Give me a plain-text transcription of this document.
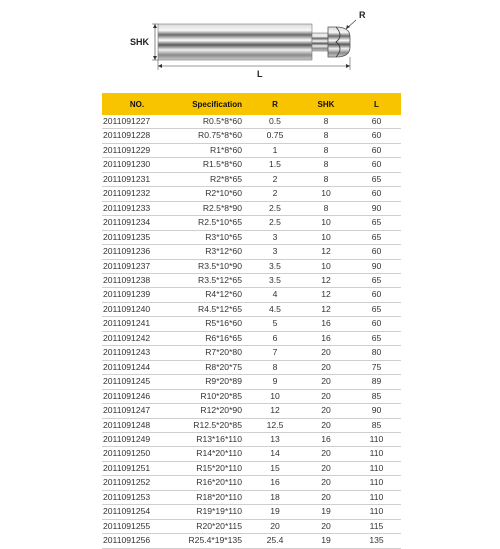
SHK
R
L
NO.	Specification	R	SHK	L
2011091227	R0.5*8*60	0.5	8	60
2011091228	R0.75*8*60	0.75	8	60
2011091229	R1*8*60	1	8	60
2011091230	R1.5*8*60	1.5	8	60
2011091231	R2*8*65	2	8	65
2011091232	R2*10*60	2	10	60
2011091233	R2.5*8*90	2.5	8	90
2011091234	R2.5*10*65	2.5	10	65
2011091235	R3*10*65	3	10	65
2011091236	R3*12*60	3	12	60
2011091237	R3.5*10*90	3.5	10	90
2011091238	R3.5*12*65	3.5	12	65
2011091239	R4*12*60	4	12	60
2011091240	R4.5*12*65	4.5	12	65
2011091241	R5*16*60	5	16	60
2011091242	R6*16*65	6	16	65
2011091243	R7*20*80	7	20	80
2011091244	R8*20*75	8	20	75
2011091245	R9*20*89	9	20	89
2011091246	R10*20*85	10	20	85
2011091247	R12*20*90	12	20	90
2011091248	R12.5*20*85	12.5	20	85
2011091249	R13*16*110	13	16	110
2011091250	R14*20*110	14	20	110
2011091251	R15*20*110	15	20	110
2011091252	R16*20*110	16	20	110
2011091253	R18*20*110	18	20	110
2011091254	R19*19*110	19	19	110
2011091255	R20*20*115	20	20	115
2011091256	R25.4*19*135	25.4	19	135
